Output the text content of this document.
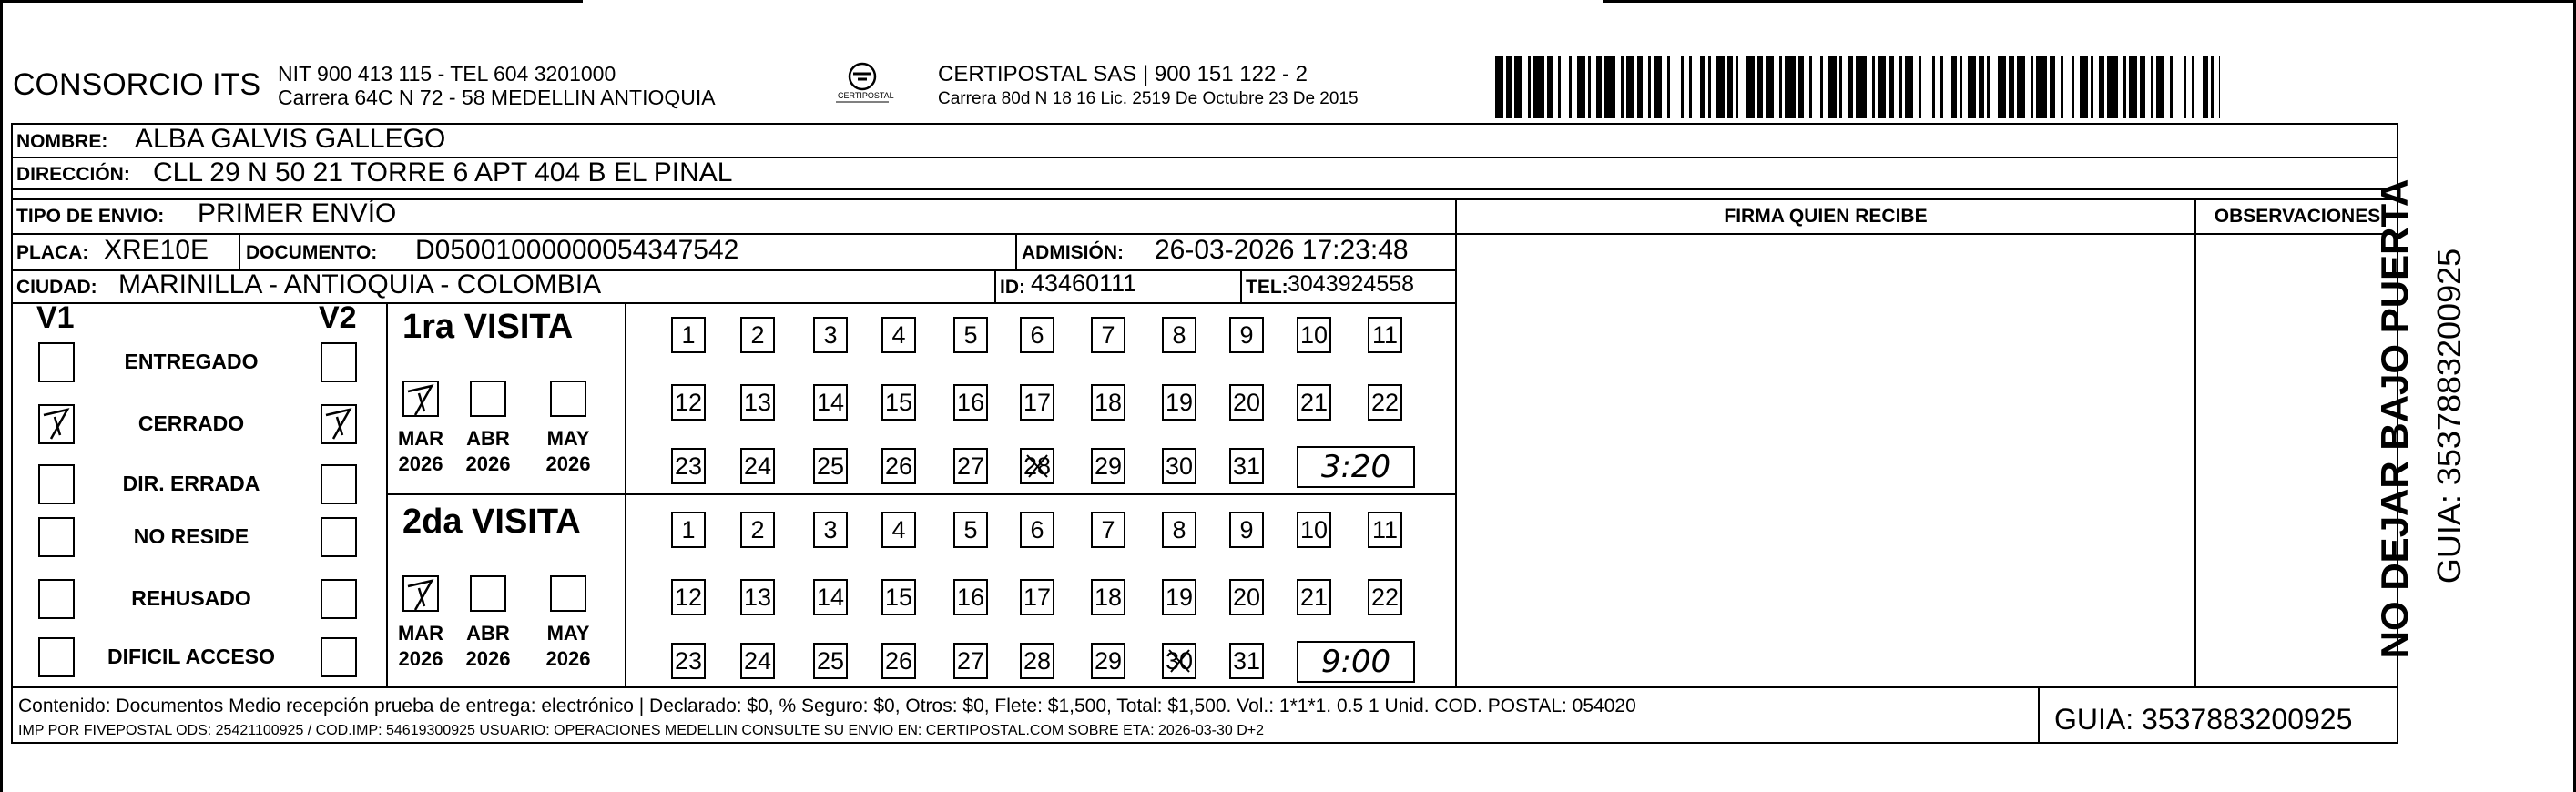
CONSORCIO ITS NIT 900 413 115 - TEL 604 3201000
Carrera 64C N 72 - 58 MEDELLIN ANTIOQUIA	CERTIPOSTAL
CERTIPOSTAL SAS | 900 151 122 - 2
Carrera 80d N 18 16 Lic. 2519 De Octubre 23 De 2015
NOMBRE: ALBA GALVIS GALLEGO
DIRECCIÓN: CLL 29 N 50 21 TORRE 6 APT 404 B EL PINAL
TIPO DE ENVIO: PRIMER ENVÍO	FIRMA QUIEN RECIBE	OBSERVACIONES
PLACA: XRE10E DOCUMENTO: D05001000000054347542	ADMISIÓN: 26-03-2026 17:23:48
CIUDAD: MARINILLA - ANTIOQUIA - COLOMBIA	ID: 43460111	TEL: 3043924558
V1	V2
ENTREGADO
CERRADO
DIR. ERRADA
NO RESIDE
REHUSADO
DIFICIL ACCESO
1ra VISITA
MAR
2026
ABR
2026
MAY
2026
1	2	3	4	5	6	7	8	9	10 11
12 13 14 15 16 17 18 19 20 21 22
23 24 25 26 27 28 29 30 31	3:20
2da VISITA
MAR
2026
ABR
2026
MAY
2026
1	2	3	4	5	6	7	8	9	10 11
12 13 14 15 16 17 18 19 20 21 22
23 24 25 26 27 28 29 30 31	9:00
Contenido: Documentos Medio recepción prueba de entrega: electrónico | Declarado: $0, % Seguro: $0, Otros: $0, Flete: $1,500, Total: $1,500. Vol.: 1*1*1. 0.5 1 Unid. COD. POSTAL: 054020
IMP POR FIVEPOSTAL ODS: 25421100925 / COD.IMP: 54619300925 USUARIO: OPERACIONES MEDELLIN CONSULTE SU ENVIO EN: CERTIPOSTAL.COM SOBRE ETA: 2026-03-30 D+2	GUIA: 3537883200925
NO DEJAR BAJO PUERTA GUIA: 3537883200925
